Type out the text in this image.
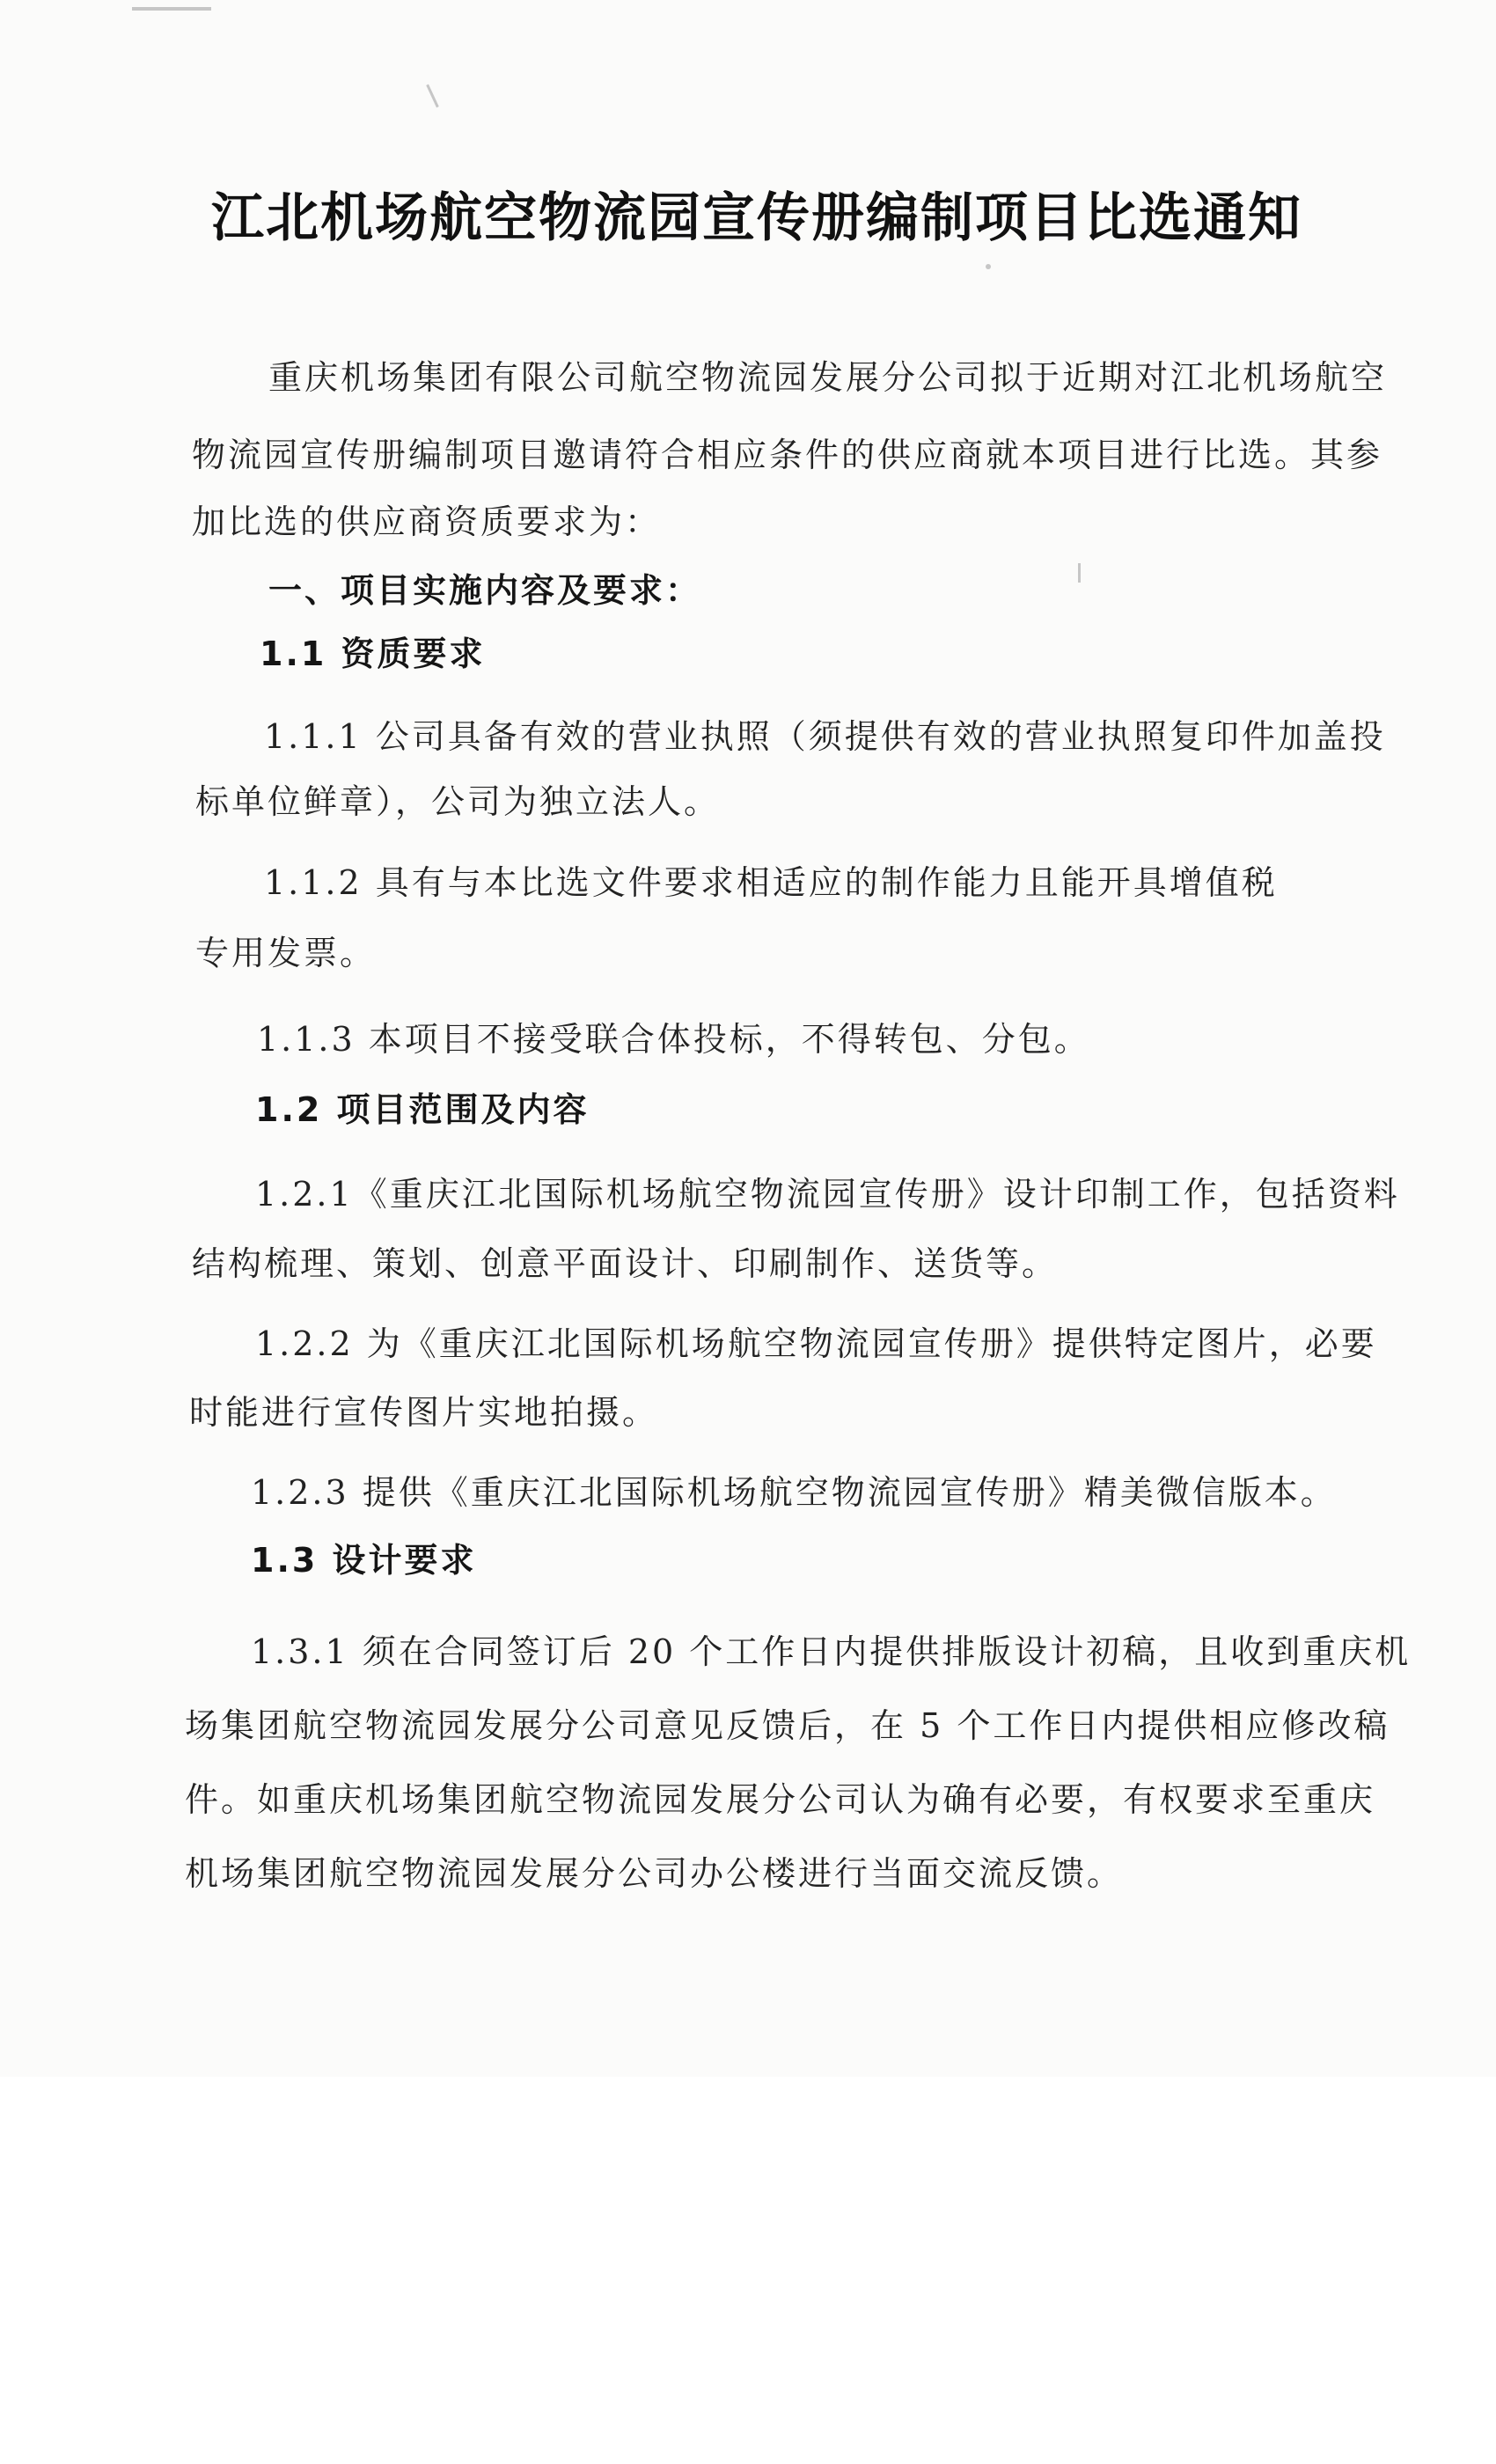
江北机场航空物流园宣传册编制项目比选通知
重庆机场集团有限公司航空物流园发展分公司拟于近期对江北机场航空
物流园宣传册编制项目邀请符合相应条件的供应商就本项目进行比选。其参
加比选的供应商资质要求为：
一、项目实施内容及要求：
1.1 资质要求
1.1.1 公司具备有效的营业执照（须提供有效的营业执照复印件加盖投
标单位鲜章），公司为独立法人。
1.1.2 具有与本比选文件要求相适应的制作能力且能开具增值税
专用发票。
1.1.3 本项目不接受联合体投标，不得转包、分包。
1.2 项目范围及内容
1.2.1《重庆江北国际机场航空物流园宣传册》设计印制工作，包括资料
结构梳理、策划、创意平面设计、印刷制作、送货等。
1.2.2 为《重庆江北国际机场航空物流园宣传册》提供特定图片，必要
时能进行宣传图片实地拍摄。
1.2.3 提供《重庆江北国际机场航空物流园宣传册》精美微信版本。
1.3 设计要求
1.3.1 须在合同签订后 20 个工作日内提供排版设计初稿，且收到重庆机
场集团航空物流园发展分公司意见反馈后，在 5 个工作日内提供相应修改稿
件。如重庆机场集团航空物流园发展分公司认为确有必要，有权要求至重庆
机场集团航空物流园发展分公司办公楼进行当面交流反馈。
